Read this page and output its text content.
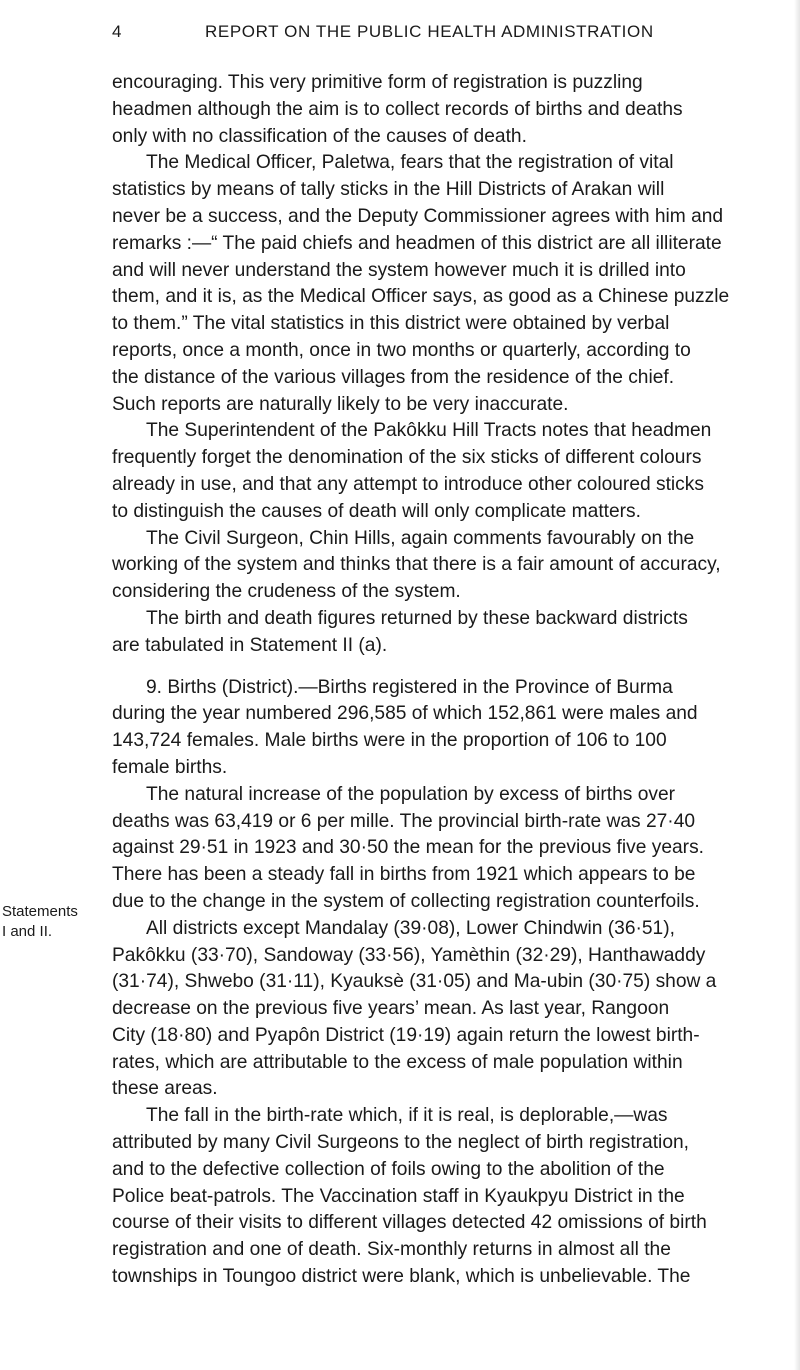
4	REPORT ON THE PUBLIC HEALTH ADMINISTRATION
Statements
I and II.

encouraging. This very primitive form of registration is puzzling
headmen although the aim is to collect records of births and deaths
only with no classification of the causes of death.

The Medical Officer, Paletwa, fears that the registration of vital
statistics by means of tally sticks in the Hill Districts of Arakan will
never be a success, and the Deputy Commissioner agrees with him and
remarks :—“ The paid chiefs and headmen of this district are all illiterate
and will never understand the system however much it is drilled into
them, and it is, as the Medical Officer says, as good as a Chinese puzzle
to them.” The vital statistics in this district were obtained by verbal
reports, once a month, once in two months or quarterly, according to
the distance of the various villages from the residence of the chief.
Such reports are naturally likely to be very inaccurate.

The Superintendent of the Pakôkku Hill Tracts notes that headmen
frequently forget the denomination of the six sticks of different colours
already in use, and that any attempt to introduce other coloured sticks
to distinguish the causes of death will only complicate matters.

The Civil Surgeon, Chin Hills, again comments favourably on the
working of the system and thinks that there is a fair amount of accuracy,
considering the crudeness of the system.

The birth and death figures returned by these backward districts
are tabulated in Statement II (a).

9. Births (District).—Births registered in the Province of Burma
during the year numbered 296,585 of which 152,861 were males and
143,724 females. Male births were in the proportion of 106 to 100
female births.

The natural increase of the population by excess of births over
deaths was 63,419 or 6 per mille. The provincial birth-rate was 27·40
against 29·51 in 1923 and 30·50 the mean for the previous five years.
There has been a steady fall in births from 1921 which appears to be
due to the change in the system of collecting registration counterfoils.

All districts except Mandalay (39·08), Lower Chindwin (36·51),
Pakôkku (33·70), Sandoway (33·56), Yamèthin (32·29), Hanthawaddy
(31·74), Shwebo (31·11), Kyauksè (31·05) and Ma-ubin (30·75) show a
decrease on the previous five years’ mean. As last year, Rangoon
City (18·80) and Pyapôn District (19·19) again return the lowest birth-
rates, which are attributable to the excess of male population within
these areas.

The fall in the birth-rate which, if it is real, is deplorable,—was
attributed by many Civil Surgeons to the neglect of birth registration,
and to the defective collection of foils owing to the abolition of the
Police beat-patrols. The Vaccination staff in Kyaukpyu District in the
course of their visits to different villages detected 42 omissions of birth
registration and one of death. Six-monthly returns in almost all the
townships in Toungoo district were blank, which is unbelievable. The
